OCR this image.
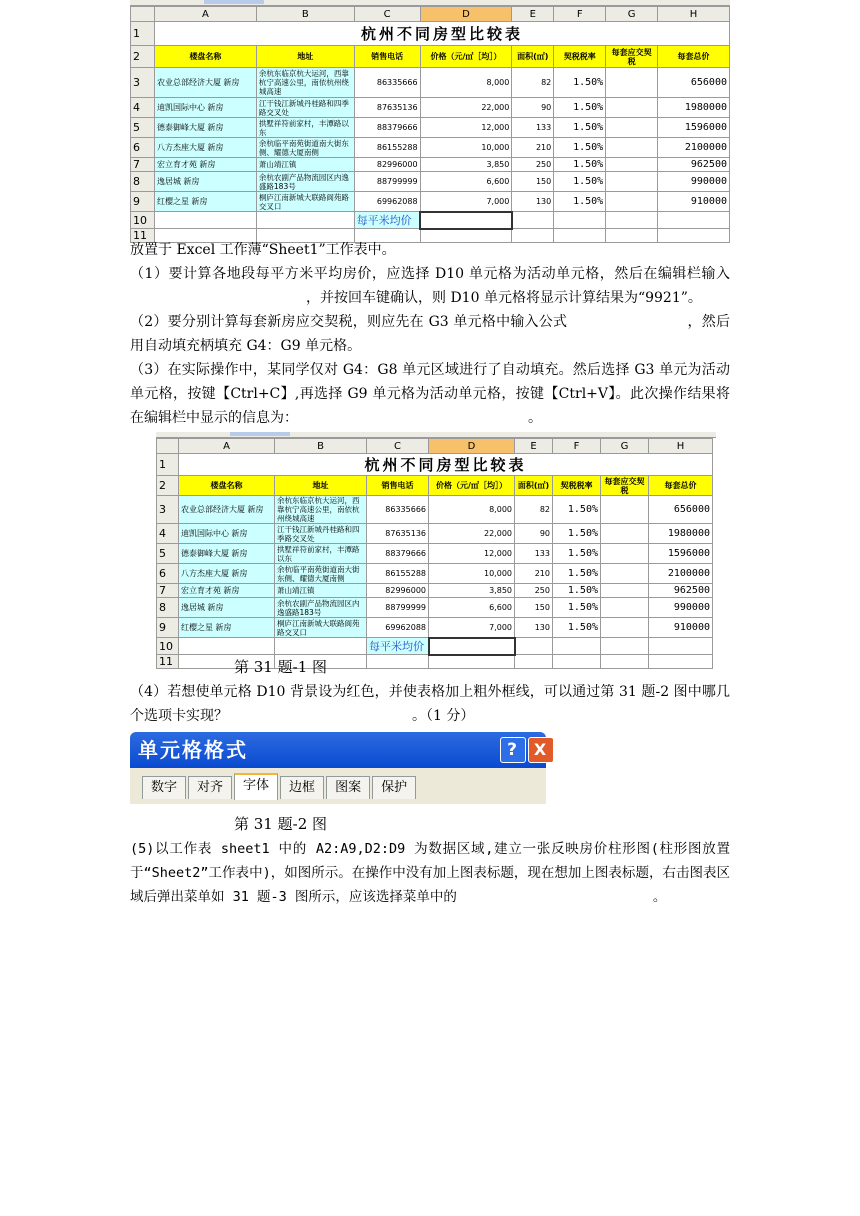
	A	B	C	D	E	F	G	H
1	杭州不同房型比较表							
2	楼盘名称	地址	销售电话	价格（元/㎡［均］）	面积(㎡)	契税税率	每套应交契税	每套总价
3	农业总部经济大厦 新房	余杭东临京杭大运河，西靠杭宁高速公里，南依杭州绕城高速	86335666	8,000	82	1.50%		656000
4	迪凯国际中心 新房	江干钱江新城丹桂路和四季路交叉处	87635136	22,000	90	1.50%		1980000
5	德泰御峰大厦 新房	拱墅祥符前家村，丰潭路以东	88379666	12,000	133	1.50%		1596000
6	八方杰座大厦 新房	余杭临平南苑街道南大街东侧、耀德大厦南侧	86155288	10,000	210	1.50%		2100000
7	宏立育才苑 新房	萧山靖江镇	82996000	3,850	250	1.50%		962500
8	逸居城 新房	余杭农副产品物流园区内逸盛路183号	88799999	6,600	150	1.50%		990000
9	红樱之星 新房	桐庐江南新城大联路阆苑路交叉口	69962088	7,000	130	1.50%		910000
10			每平米均价					
11								
放置于 Excel 工作薄“Sheet1”工作表中。
（1）要计算各地段每平方米平均房价，应选择 D10 单元格为活动单元格，然后在编辑栏输入，并按回车键确认，则 D10 单元格将显示计算结果为“9921”。
（2）要分别计算每套新房应交契税，则应先在 G3 单元格中输入公式	，然后用自动填充柄填充 G4：G9 单元格。
（3）在实际操作中，某同学仅对 G4：G8 单元区域进行了自动填充。然后选择 G3 单元为活动单元格，按键【Ctrl+C】,再选择 G9 单元格为活动单元格，按键【Ctrl+V】。此次操作结果将在编辑栏中显示的信息为：	。
	A	B	C	D	E	F	G	H
1	杭州不同房型比较表							
2	楼盘名称	地址	销售电话	价格（元/㎡［均］）	面积(㎡)	契税税率	每套应交契税	每套总价
3	农业总部经济大厦 新房	余杭东临京杭大运河，西靠杭宁高速公里，南依杭州绕城高速	86335666	8,000	82	1.50%		656000
4	迪凯国际中心 新房	江干钱江新城丹桂路和四季路交叉处	87635136	22,000	90	1.50%		1980000
5	德泰御峰大厦 新房	拱墅祥符前家村，丰潭路以东	88379666	12,000	133	1.50%		1596000
6	八方杰座大厦 新房	余杭临平南苑街道南大街东侧、耀德大厦南侧	86155288	10,000	210	1.50%		2100000
7	宏立育才苑 新房	萧山靖江镇	82996000	3,850	250	1.50%		962500
8	逸居城 新房	余杭农副产品物流园区内逸盛路183号	88799999	6,600	150	1.50%		990000
9	红樱之星 新房	桐庐江南新城大联路阆苑路交叉口	69962088	7,000	130	1.50%		910000
10			每平米均价					
11									第 31 题-1 图
（4）若想使单元格 D10 背景设为红色，并使表格加上粗外框线，可以通过第 31 题-2 图中哪几个选项卡实现？	。（1 分）
单元格格式	? X
数字	对齐	字体	边框	图案	保护
第 31 题-2 图
(5)以工作表 sheet1 中的 A2:A9,D2:D9 为数据区域,建立一张反映房价柱形图(柱形图放置于“Sheet2”工作表中)，如图所示。在操作中没有加上图表标题，现在想加上图表标题，右击图表区域后弹出菜单如 31 题-3 图所示，应该选择菜单中的	。
